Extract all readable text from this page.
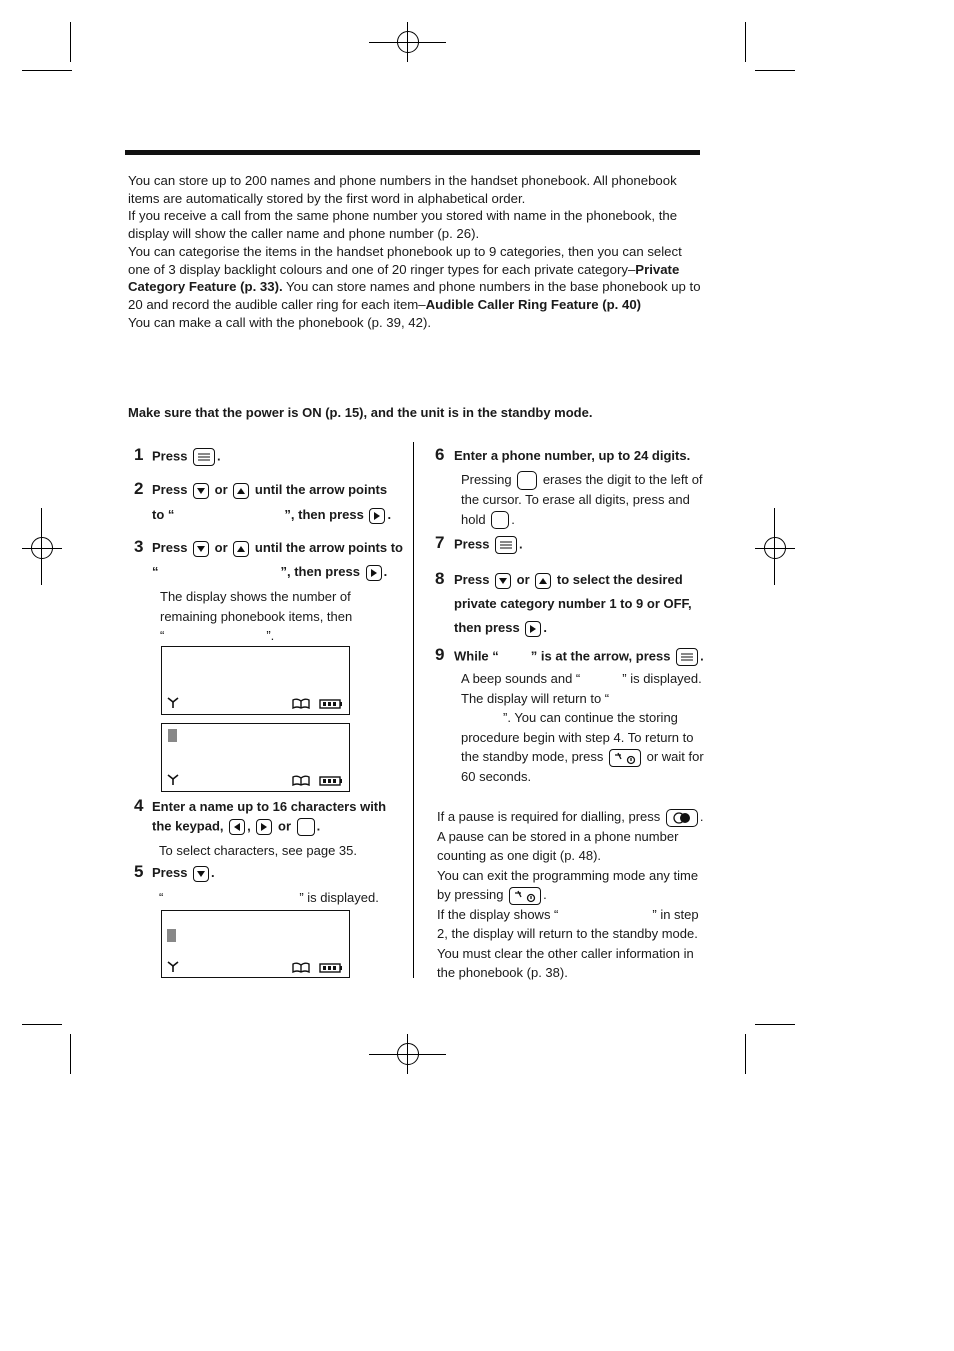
You can store up to 200 names and phone numbers in the handset phonebook. All phonebook items are automatically stored by the first word in alphabetical order.
If you receive a call from the same phone number you stored with name in the phonebook, the display will show the caller name and phone number (p. 26).
You can categorise the items in the handset phonebook up to 9 categories, then you can select one of 3 display backlight colours and one of 20 ringer types for each private category–Private Category Feature (p. 33). You can store names and phone numbers in the base phonebook up to 20 and record the audible caller ring for each item–Audible Caller Ring Feature (p. 40)
You can make a call with the phonebook (p. 39, 42).
Make sure that the power is ON (p. 15), and the unit is in the standby mode.
1 Press .
2 Press or until the arrow points
to “	”, then press .
3 Press or until the arrow points to
“	”, then press .
The display shows the number of
remaining phonebook items, then
“	”.
4 Enter a name up to 16 characters with
the keypad, , or .
To select characters, see page 35.
5 Press .
“	” is displayed.
6 Enter a phone number, up to 24 digits.
Pressing erases the digit to the left of
the cursor. To erase all digits, press and
hold .
7 Press .
8 Press or to select the desired
private category number 1 to 9 or OFF,
then press .
9 While “ ” is at the arrow, press .
A beep sounds and “	” is displayed.
The display will return to “
”. You can continue the storing
procedure begin with step 4. To return to
the standby mode, press	or wait for
60 seconds.
If a pause is required for dialling, press	.
A pause can be stored in a phone number
counting as one digit (p. 48).
You can exit the programming mode any time
by pressing	.
If the display shows “	” in step
2, the display will return to the standby mode.
You must clear the other caller information in
the phonebook (p. 38).
